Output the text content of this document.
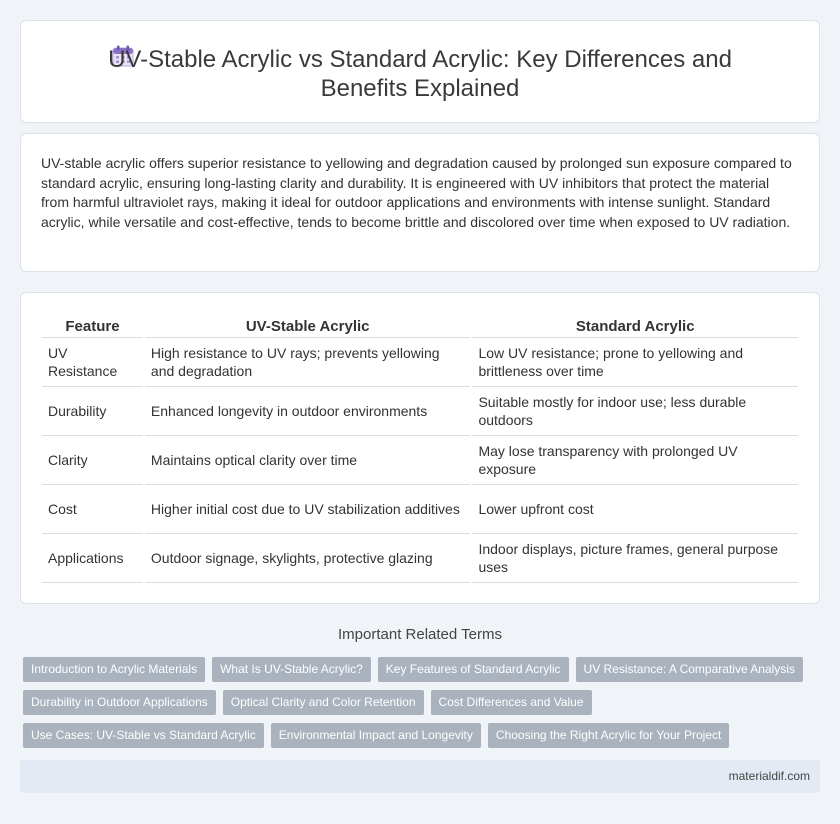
UV-Stable Acrylic vs Standard Acrylic: Key Differences and Benefits Explained

UV-stable acrylic offers superior resistance to yellowing and degradation caused by prolonged sun exposure compared to standard acrylic, ensuring long-lasting clarity and durability. It is engineered with UV inhibitors that protect the material from harmful ultraviolet rays, making it ideal for outdoor applications and environments with intense sunlight. Standard acrylic, while versatile and cost-effective, tends to become brittle and discolored over time when exposed to UV radiation.

Feature	UV-Stable Acrylic	Standard Acrylic
UV Resistance	High resistance to UV rays; prevents yellowing and degradation	Low UV resistance; prone to yellowing and brittleness over time
Durability	Enhanced longevity in outdoor environments	Suitable mostly for indoor use; less durable outdoors
Clarity	Maintains optical clarity over time	May lose transparency with prolonged UV exposure
Cost	Higher initial cost due to UV stabilization additives	Lower upfront cost
Applications	Outdoor signage, skylights, protective glazing	Indoor displays, picture frames, general purpose uses
Important Related Terms
Introduction to Acrylic Materials	What Is UV-Stable Acrylic?	Key Features of Standard Acrylic	UV Resistance: A Comparative Analysis
Durability in Outdoor Applications	Optical Clarity and Color Retention	Cost Differences and Value
Use Cases: UV-Stable vs Standard Acrylic	Environmental Impact and Longevity	Choosing the Right Acrylic for Your Project
materialdif.com
